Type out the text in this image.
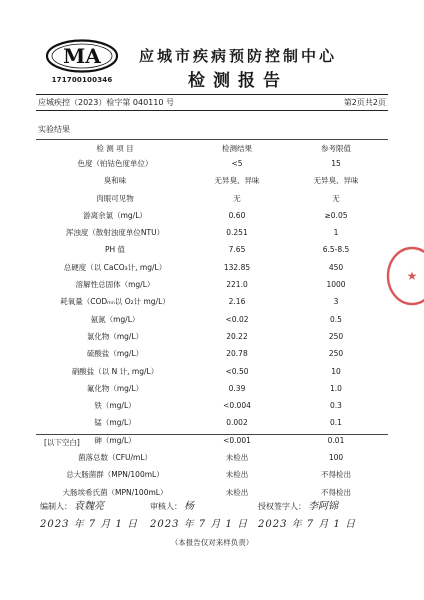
MA
171700100346
应城市疾病预防控制中心
检测报告
应城疾控（2023）检字第 040110 号	第2页共2页
实验结果
检 测 项 目	检测结果	参考限值
色度（铂钴色度单位）	<5	15
臭和味	无异臭、异味	无异臭、异味
肉眼可见物	无	无
游离余氯（mg/L）	0.60	≥0.05
浑浊度（散射浊度单位NTU）	0.251	1
PH 值	7.65	6.5-8.5
总硬度（以 CaCO₃计, mg/L）	132.85	450
溶解性总固体（mg/L）	221.0	1000
耗氧量（CODₘₙ以 O₂计 mg/L）	2.16	3
氨氮（mg/L）	<0.02	0.5
氯化物（mg/L）	20.22	250
硫酸盐（mg/L）	20.78	250
硝酸盐（以 N 计, mg/L）	<0.50	10
氟化物（mg/L）	0.39	1.0
铁（mg/L）	<0.004	0.3
锰（mg/L）	0.002	0.1
砷（mg/L）	<0.001	0.01
菌落总数（CFU/mL）	未检出	100
总大肠菌群（MPN/100mL）	未检出	不得检出
大肠埃希氏菌（MPN/100mL）	未检出	不得检出
[以下空白]
编制人： 袁魏亮	审核人： 杨	授权签字人： 李阿锦
2023 年 7 月 1 日 2023 年 7 月 1 日 2023 年 7 月 1 日
（本报告仅对来样负责）
★
